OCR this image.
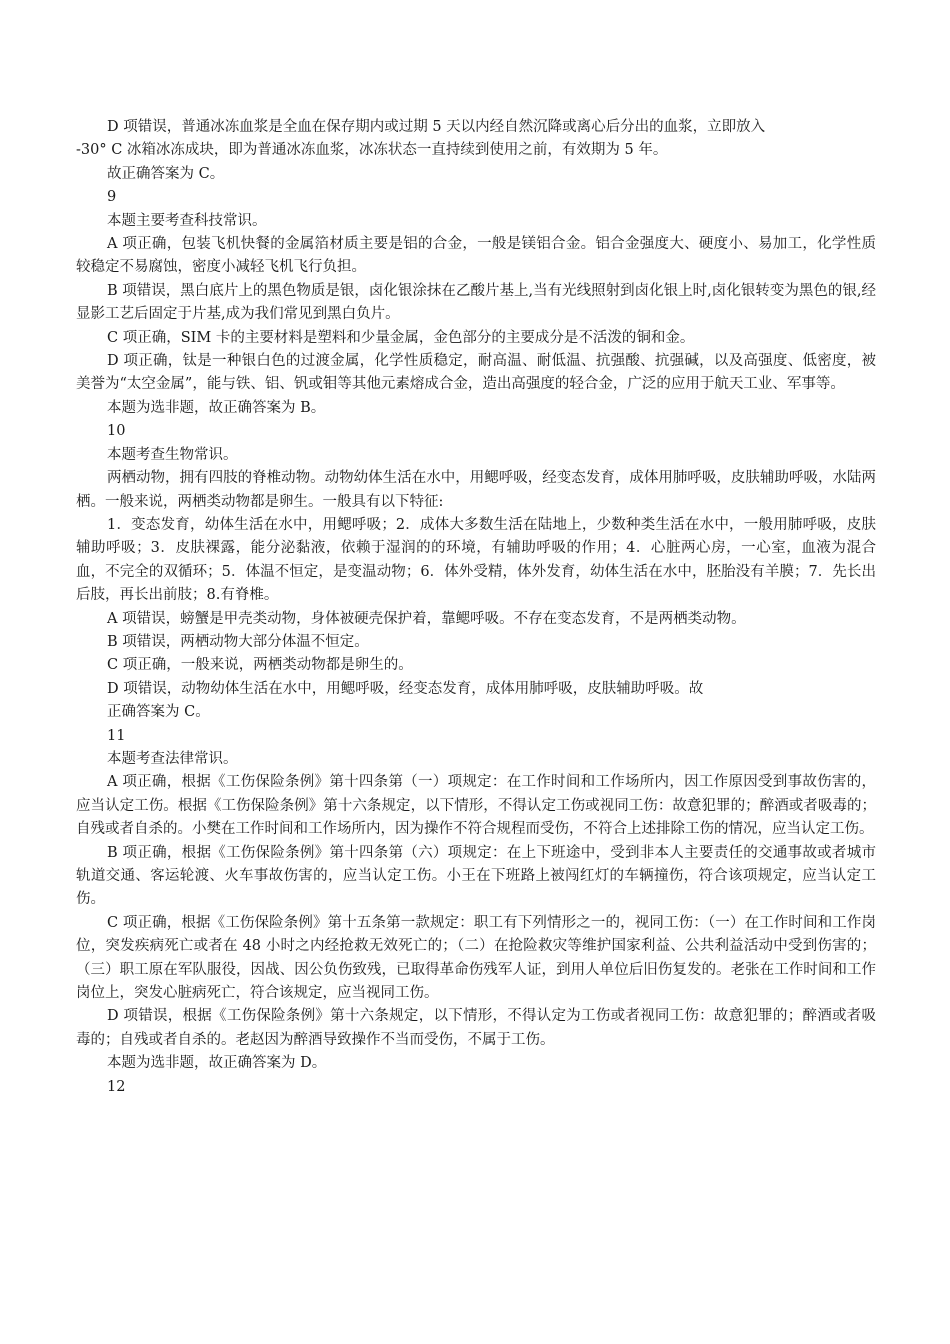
D 项错误，普通冰冻血浆是全血在保存期内或过期 5 天以内经自然沉降或离心后分出的血浆，立即放入

-30° C 冰箱冰冻成块，即为普通冰冻血浆，冰冻状态一直持续到使用之前，有效期为 5 年。

故正确答案为 C。

9

本题主要考查科技常识。

A 项正确，包装飞机快餐的金属箔材质主要是铝的合金，一般是镁铝合金。铝合金强度大、硬度小、易加工，化学性质较稳定不易腐蚀，密度小减轻飞机飞行负担。

B 项错误，黑白底片上的黑色物质是银，卤化银涂抹在乙酸片基上,当有光线照射到卤化银上时,卤化银转变为黑色的银,经显影工艺后固定于片基,成为我们常见到黑白负片。

C 项正确，SIM 卡的主要材料是塑料和少量金属，金色部分的主要成分是不活泼的铜和金。

D 项正确，钛是一种银白色的过渡金属，化学性质稳定，耐高温、耐低温、抗强酸、抗强碱，以及高强度、低密度，被美誉为“太空金属”，能与铁、铝、钒或钼等其他元素熔成合金，造出高强度的轻合金，广泛的应用于航天工业、军事等。

本题为选非题，故正确答案为 B。

10

本题考查生物常识。

两栖动物，拥有四肢的脊椎动物。动物幼体生活在水中，用鳃呼吸，经变态发育，成体用肺呼吸，皮肤辅助呼吸，水陆两栖。一般来说，两栖类动物都是卵生。一般具有以下特征:

1．变态发育，幼体生活在水中，用鳃呼吸；2．成体大多数生活在陆地上，少数种类生活在水中，一般用肺呼吸，皮肤辅助呼吸；3．皮肤裸露，能分泌黏液，依赖于湿润的的环境，有辅助呼吸的作用；4．心脏两心房，一心室，血液为混合血，不完全的双循环；5．体温不恒定，是变温动物；6．体外受精，体外发育，幼体生活在水中，胚胎没有羊膜；7．先长出后肢，再长出前肢；8.有脊椎。

A 项错误，螃蟹是甲壳类动物，身体被硬壳保护着，靠鳃呼吸。不存在变态发育，不是两栖类动物。

B 项错误，两栖动物大部分体温不恒定。

C 项正确，一般来说，两栖类动物都是卵生的。

D 项错误，动物幼体生活在水中，用鳃呼吸，经变态发育，成体用肺呼吸，皮肤辅助呼吸。故

正确答案为 C。

11

本题考查法律常识。

A 项正确，根据《工伤保险条例》第十四条第（一）项规定：在工作时间和工作场所内，因工作原因受到事故伤害的，应当认定工伤。根据《工伤保险条例》第十六条规定，以下情形，不得认定工伤或视同工伤：故意犯罪的；醉酒或者吸毒的；自残或者自杀的。小樊在工作时间和工作场所内，因为操作不符合规程而受伤，不符合上述排除工伤的情况，应当认定工伤。

B 项正确，根据《工伤保险条例》第十四条第（六）项规定：在上下班途中，受到非本人主要责任的交通事故或者城市轨道交通、客运轮渡、火车事故伤害的，应当认定工伤。小王在下班路上被闯红灯的车辆撞伤，符合该项规定，应当认定工伤。

C 项正确，根据《工伤保险条例》第十五条第一款规定：职工有下列情形之一的，视同工伤：（一）在工作时间和工作岗位，突发疾病死亡或者在 48 小时之内经抢救无效死亡的；（二）在抢险救灾等维护国家利益、公共利益活动中受到伤害的；（三）职工原在军队服役，因战、因公负伤致残，已取得革命伤残军人证，到用人单位后旧伤复发的。老张在工作时间和工作岗位上，突发心脏病死亡，符合该规定，应当视同工伤。

D 项错误，根据《工伤保险条例》第十六条规定，以下情形，不得认定为工伤或者视同工伤：故意犯罪的；醉酒或者吸毒的；自残或者自杀的。老赵因为醉酒导致操作不当而受伤，不属于工伤。

本题为选非题，故正确答案为 D。

12
